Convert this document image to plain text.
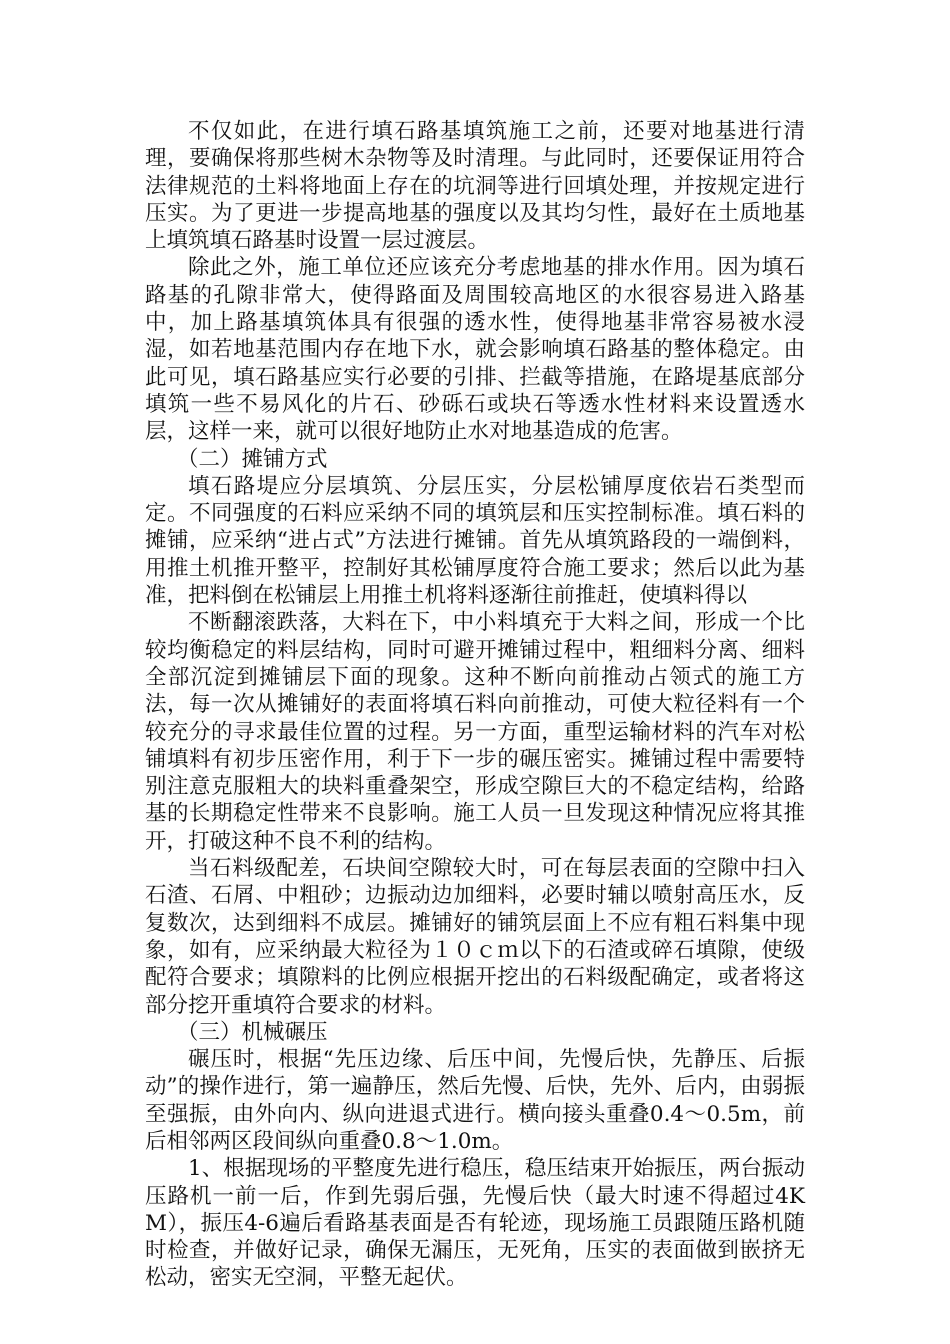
不仅如此，在进行填石路基填筑施工之前，还要对地基进行清理，要确保将那些树木杂物等及时清理。与此同时，还要保证用符合法律规范的土料将地面上存在的坑洞等进行回填处理，并按规定进行压实。为了更进一步提高地基的强度以及其均匀性，最好在土质地基上填筑填石路基时设置一层过渡层。

除此之外，施工单位还应该充分考虑地基的排水作用。因为填石路基的孔隙非常大，使得路面及周围较高地区的水很容易进入路基中，加上路基填筑体具有很强的透水性，使得地基非常容易被水浸湿，如若地基范围内存在地下水，就会影响填石路基的整体稳定。由此可见，填石路基应实行必要的引排、拦截等措施，在路堤基底部分填筑一些不易风化的片石、砂砾石或块石等透水性材料来设置透水层，这样一来，就可以很好地防止水对地基造成的危害。

（二）摊铺方式

填石路堤应分层填筑、分层压实，分层松铺厚度依岩石类型而定。不同强度的石料应采纳不同的填筑层和压实控制标准。填石料的摊铺，应采纳“进占式”方法进行摊铺。首先从填筑路段的一端倒料，用推土机推开整平，控制好其松铺厚度符合施工要求；然后以此为基准，把料倒在松铺层上用推土机将料逐渐往前推赶，使填料得以

不断翻滚跌落，大料在下，中小料填充于大料之间，形成一个比较均衡稳定的料层结构，同时可避开摊铺过程中，粗细料分离、细料全部沉淀到摊铺层下面的现象。这种不断向前推动占领式的施工方法，每一次从摊铺好的表面将填石料向前推动，可使大粒径料有一个较充分的寻求最佳位置的过程。另一方面，重型运输材料的汽车对松铺填料有初步压密作用，利于下一步的碾压密实。摊铺过程中需要特别注意克服粗大的块料重叠架空，形成空隙巨大的不稳定结构，给路基的长期稳定性带来不良影响。施工人员一旦发现这种情况应将其推开，打破这种不良不利的结构。

当石料级配差，石块间空隙较大时，可在每层表面的空隙中扫入石渣、石屑、中粗砂；边振动边加细料，必要时辅以喷射高压水，反复数次，达到细料不成层。摊铺好的铺筑层面上不应有粗石料集中现象，如有，应采纳最大粒径为１０ｃｍ以下的石渣或碎石填隙，使级配符合要求；填隙料的比例应根据开挖出的石料级配确定，或者将这部分挖开重填符合要求的材料。

（三）机械碾压

碾压时，根据“先压边缘、后压中间，先慢后快，先静压、后振动”的操作进行，第一遍静压，然后先慢、后快，先外、后内，由弱振至强振，由外向内、纵向进退式进行。横向接头重叠0.4～0.5m，前后相邻两区段间纵向重叠0.8～1.0m。

1、根据现场的平整度先进行稳压，稳压结束开始振压，两台振动压路机一前一后，作到先弱后强，先慢后快（最大时速不得超过4KM），振压4-6遍后看路基表面是否有轮迹，现场施工员跟随压路机随时检查，并做好记录，确保无漏压，无死角，压实的表面做到嵌挤无松动，密实无空洞，平整无起伏。
